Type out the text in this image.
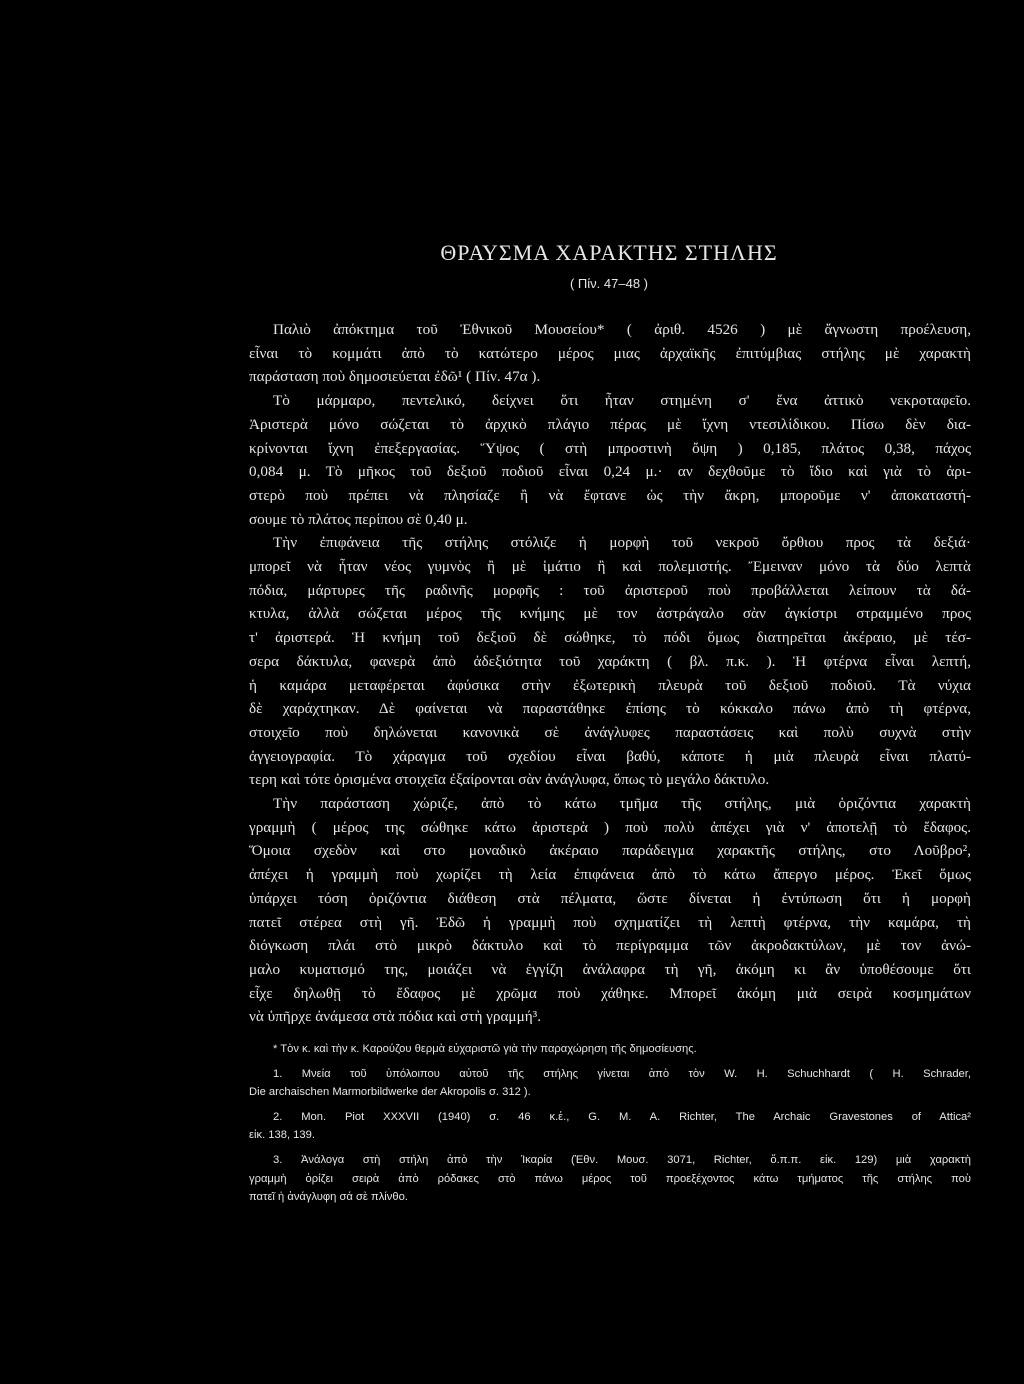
ΘΡΑΥΣΜΑ ΧΑΡΑΚΤΗΣ ΣΤΗΛΗΣ
( Πίν. 47–48 )
Παλιὸ ἀπόκτημα τοῦ Ἐθνικοῦ Μουσείου* ( ἀριθ. 4526 ) μὲ ἄγνωστη προέλευση,
εἶναι τὸ κομμάτι ἀπὸ τὸ κατώτερο μέρος μιας ἀρχαϊκῆς ἐπιτύμβιας στήλης μὲ χαρακτὴ
παράσταση ποὺ δημοσιεύεται ἐδῶ¹ ( Πίν. 47α ).
Τὸ μάρμαρο, πεντελικό, δείχνει ὅτι ἦταν στημένη σ' ἕνα ἀττικὸ νεκροταφεῖο.
Ἀριστερὰ μόνο σώζεται τὸ ἀρχικὸ πλάγιο πέρας μὲ ἴχνη ντεσιλίδικου. Πίσω δὲν δια-
κρίνονται ἴχνη ἐπεξεργασίας. Ὕψος ( στὴ μπροστινὴ ὄψη ) 0,185, πλάτος 0,38, πάχος
0,084 μ. Τὸ μῆκος τοῦ δεξιοῦ ποδιοῦ εἶναι 0,24 μ.· αν δεχθοῦμε τὸ ἴδιο καὶ γιὰ τὸ ἀρι-
στερὸ ποὺ πρέπει νὰ πλησίαζε ἢ νὰ ἔφτανε ὡς τὴν ἄκρη, μποροῦμε ν' ἀποκαταστή-
σουμε τὸ πλάτος περίπου σὲ 0,40 μ.
Τὴν ἐπιφάνεια τῆς στήλης στόλιζε ἡ μορφὴ τοῦ νεκροῦ ὄρθιου προς τὰ δεξιά·
μπορεῖ νὰ ἦταν νέος γυμνὸς ἢ μὲ ἱμάτιο ἢ καὶ πολεμιστής. Ἔμειναν μόνο τὰ δύο λεπτὰ
πόδια, μάρτυρες τῆς ραδινῆς μορφῆς : τοῦ ἀριστεροῦ ποὺ προβάλλεται λείπουν τὰ δά-
κτυλα, ἀλλὰ σώζεται μέρος τῆς κνήμης μὲ τον ἀστράγαλο σὰν ἀγκίστρι στραμμένο προς
τ' ἀριστερά. Ἡ κνήμη τοῦ δεξιοῦ δὲ σώθηκε, τὸ πόδι ὅμως διατηρεῖται ἀκέραιο, μὲ τέσ-
σερα δάκτυλα, φανερὰ ἀπὸ ἀδεξιότητα τοῦ χαράκτη ( βλ. π.κ. ). Ἡ φτέρνα εἶναι λεπτή,
ἡ καμάρα μεταφέρεται ἀφύσικα στὴν ἐξωτερικὴ πλευρὰ τοῦ δεξιοῦ ποδιοῦ. Τὰ νύχια
δὲ χαράχτηκαν. Δὲ φαίνεται νὰ παραστάθηκε ἐπίσης τὸ κόκκαλο πάνω ἀπὸ τὴ φτέρνα,
στοιχεῖο ποὺ δηλώνεται κανονικὰ σὲ ἀνάγλυφες παραστάσεις καὶ πολὺ συχνὰ στὴν
ἀγγειογραφία. Τὸ χάραγμα τοῦ σχεδίου εἶναι βαθύ, κάποτε ἡ μιὰ πλευρὰ εἶναι πλατύ-
τερη καὶ τότε ὁρισμένα στοιχεῖα ἐξαίρονται σὰν ἀνάγλυφα, ὅπως τὸ μεγάλο δάκτυλο.
Τὴν παράσταση χώριζε, ἀπὸ τὸ κάτω τμῆμα τῆς στήλης, μιὰ ὁριζόντια χαρακτὴ
γραμμὴ ( μέρος της σώθηκε κάτω ἀριστερὰ ) ποὺ πολὺ ἀπέχει γιὰ ν' ἀποτελῇ τὸ ἔδαφος.
Ὅμοια σχεδὸν καὶ στο μοναδικὸ ἀκέραιο παράδειγμα χαρακτῆς στήλης, στο Λοῦβρο²,
ἀπέχει ἡ γραμμὴ ποὺ χωρίζει τὴ λεία ἐπιφάνεια ἀπὸ τὸ κάτω ἄπεργο μέρος. Ἐκεῖ ὅμως
ὑπάρχει τόση ὁριζόντια διάθεση στὰ πέλματα, ὥστε δίνεται ἡ ἐντύπωση ὅτι ἡ μορφὴ
πατεῖ στέρεα στὴ γῆ. Ἐδῶ ἡ γραμμὴ ποὺ σχηματίζει τὴ λεπτὴ φτέρνα, τὴν καμάρα, τὴ
διόγκωση πλάι στὸ μικρὸ δάκτυλο καὶ τὸ περίγραμμα τῶν ἀκροδακτύλων, μὲ τον ἀνώ-
μαλο κυματισμό της, μοιάζει νὰ ἐγγίζη ἀνάλαφρα τὴ γῆ, ἀκόμη κι ἂν ὑποθέσουμε ὅτι
εἶχε δηλωθῇ τὸ ἔδαφος μὲ χρῶμα ποὺ χάθηκε. Μπορεῖ ἀκόμη μιὰ σειρὰ κοσμημάτων
νὰ ὑπῆρχε ἀνάμεσα στὰ πόδια καὶ στὴ γραμμή³.
* Τὸν κ. καὶ τὴν κ. Καρούζου θερμὰ εὐχαριστῶ γιὰ τὴν παραχώρηση τῆς δημοσίευσης.
1. Μνεία τοῦ ὑπόλοιπου αὐτοῦ τῆς στήλης γίνεται ἀπὸ τὸν W. H. Schuchhardt ( H. Schrader,
Die archaischen Marmorbildwerke der Akropolis σ. 312 ).
2. Mon. Piot XXXVII (1940) σ. 46 κ.ἑ., G. M. A. Richter, The Archaic Gravestones of Attica²
εἰκ. 138, 139.
3. Ἀνάλογα στὴ στήλη ἀπὸ τὴν Ἰκαρία (Ἐθν. Μουσ. 3071, Richter, ὅ.π.π. εἰκ. 129) μιὰ χαρακτὴ
γραμμὴ ὁρίζει σειρὰ ἀπὸ ρόδακες στὸ πάνω μέρος τοῦ προεξέχοντος κάτω τμήματος τῆς στήλης ποὺ
πατεῖ ἡ ἀνάγλυφη σά σὲ πλίνθο.
